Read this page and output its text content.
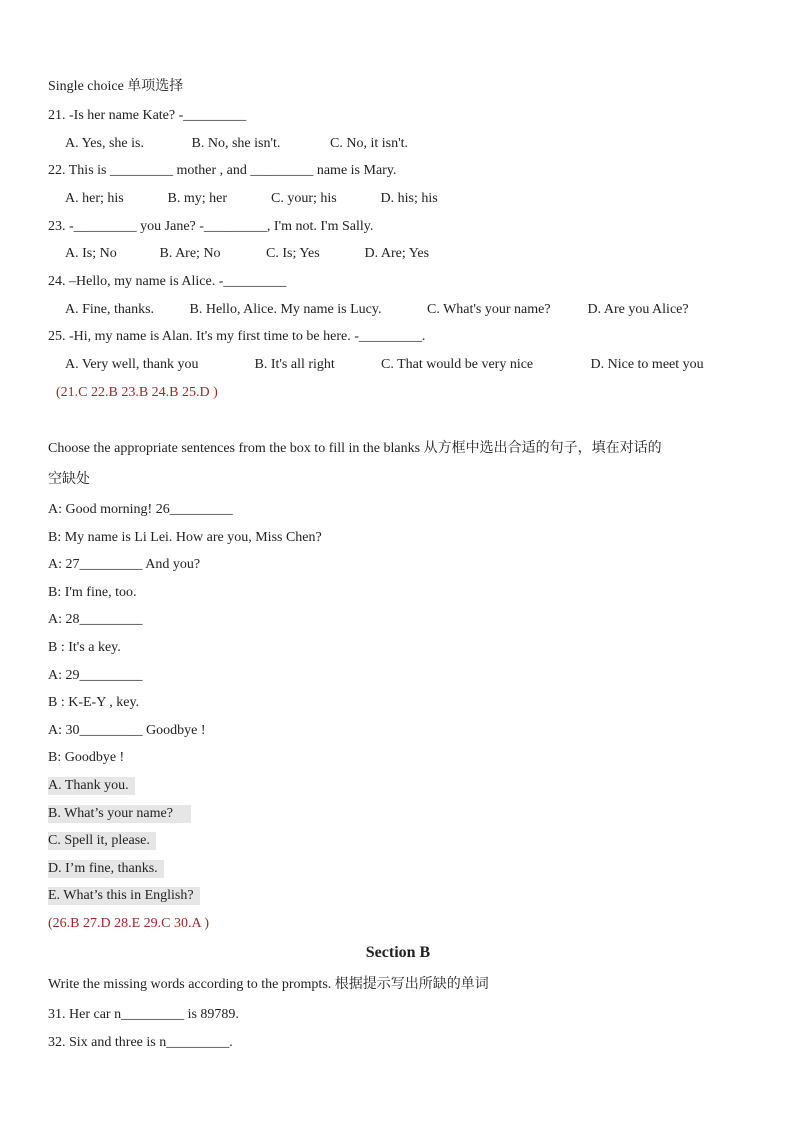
Single choice 单项选择
21. -Is her name Kate? -_________
A. Yes, she is.	B. No, she isn't.	C. No, it isn't.
22. This is _________ mother , and _________ name is Mary.
A. her; his	B. my; her	C. your; his	D. his; his
23. -_________ you Jane? -_________, I'm not. I'm Sally.
A. Is; No	B. Are; No	C. Is; Yes	D. Are; Yes
24. –Hello, my name is Alice. -_________
A. Fine, thanks.	B. Hello, Alice. My name is Lucy.	C. What's your name?	D. Are you Alice?
25. -Hi, my name is Alan. It's my first time to be here. -_________.
A. Very well, thank you	B. It's all right	C. That would be very nice	D. Nice to meet you
(21.C 22.B 23.B 24.B 25.D )
Choose the appropriate sentences from the box to fill in the blanks 从方框中选出合适的句子，填在对话的
空缺处
A: Good morning! 26_________
B: My name is Li Lei. How are you, Miss Chen?
A: 27_________ And you?
B: I'm fine, too.
A: 28_________
B : It's a key.
A: 29_________
B : K-E-Y , key.
A: 30_________ Goodbye !
B: Goodbye !
A. Thank you.
B. What’s your name?
C. Spell it, please.
D. I’m fine, thanks.
E. What’s this in English?
(26.B 27.D 28.E 29.C 30.A )
Section B
Write the missing words according to the prompts. 根据提示写出所缺的单词
31. Her car n_________ is 89789.
32. Six and three is n_________.
